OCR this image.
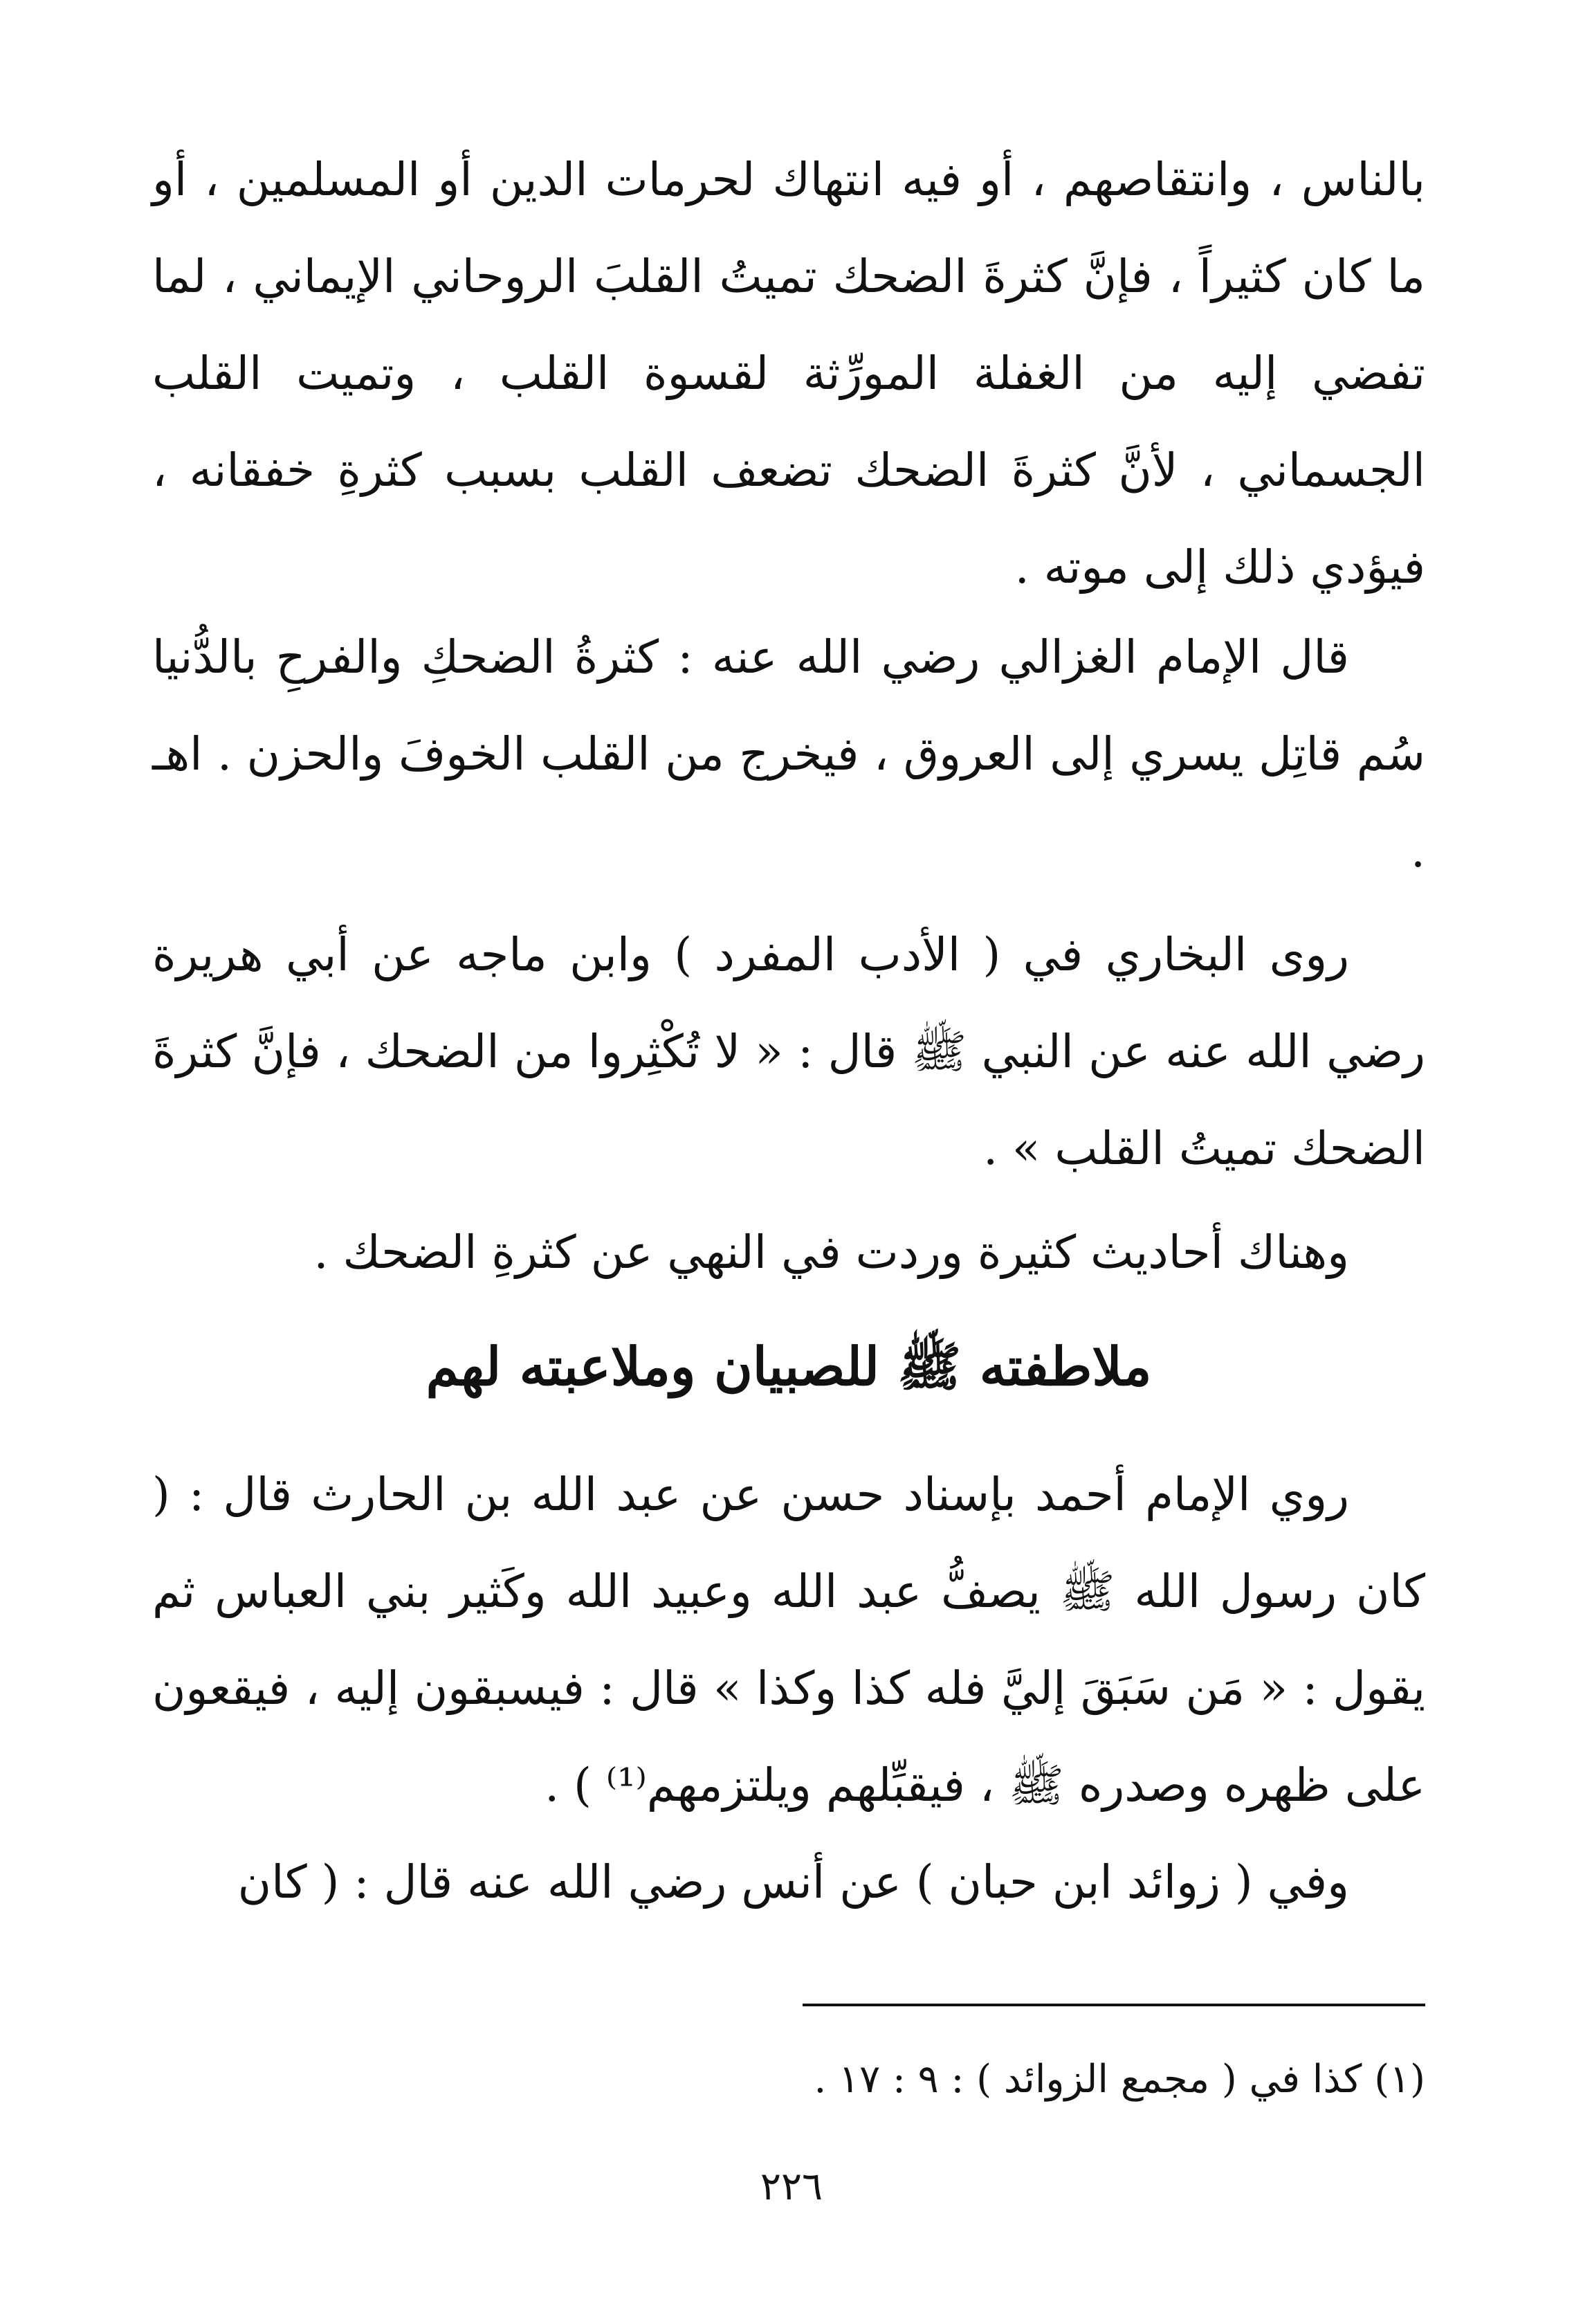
بالناس ، وانتقاصهم ، أو فيه انتهاك لحرمات الدين أو المسلمين ، أو ما كان كثيراً ، فإنَّ كثرةَ الضحك تميتُ القلبَ الروحاني الإيماني ، لما تفضي إليه من الغفلة المورِّثة لقسوة القلب ، وتميت القلب الجسماني ، لأنَّ كثرةَ الضحك تضعف القلب بسبب كثرةِ خفقانه ، فيؤدي ذلك إلى موته .

قال الإمام الغزالي رضي الله عنه : كثرةُ الضحكِ والفرحِ بالدُّنيا سُم قاتِل يسري إلى العروق ، فيخرج من القلب الخوفَ والحزن . اهـ .

روى البخاري في ( الأدب المفرد ) وابن ماجه عن أبي هريرة رضي الله عنه عن النبي ﷺ قال : « لا تُكْثِروا من الضحك ، فإنَّ كثرةَ الضحك تميتُ القلب » .

وهناك أحاديث كثيرة وردت في النهي عن كثرةِ الضحك .

ملاطفته ﷺ للصبيان وملاعبته لهم

روي الإمام أحمد بإسناد حسن عن عبد الله بن الحارث قال : ( كان رسول الله ﷺ يصفُّ عبد الله وعبيد الله وكَثير بني العباس ثم يقول : « مَن سَبَقَ إليَّ فله كذا وكذا » قال : فيسبقون إليه ، فيقعون على ظهره وصدره ﷺ ، فيقبِّلهم ويلتزمهم⁽¹⁾ ) .

وفي ( زوائد ابن حبان ) عن أنس رضي الله عنه قال : ( كان

(١) كذا في ( مجمع الزوائد ) : ٩ : ١٧ .

٢٢٦
